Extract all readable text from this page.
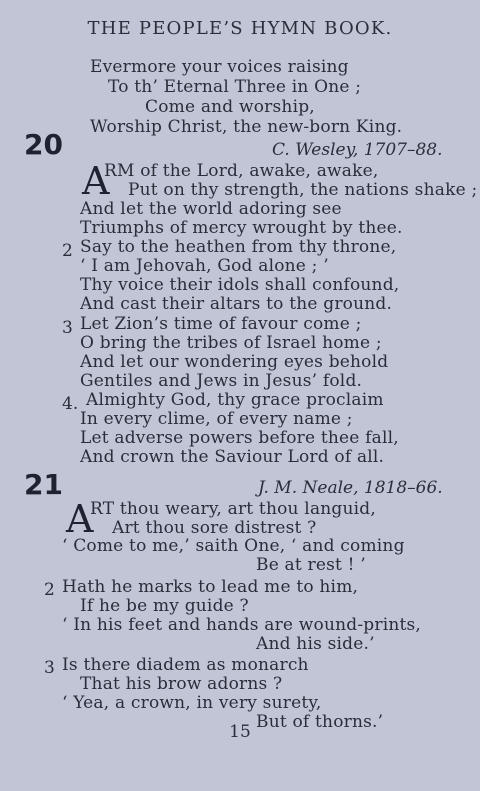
THE PEOPLE’S HYMN BOOK.
Evermore your voices raising
To th’ Eternal Three in One ;
Come and worship,
Worship Christ, the new-born King.
20	C. Wesley, 1707–88.
A
RM of the Lord, awake, awake,
Put on thy strength, the nations shake ;
And let the world adoring see
Triumphs of mercy wrought by thee.
2 Say to the heathen from thy throne,
‘ I am Jehovah, God alone ; ’
Thy voice their idols shall confound,
And cast their altars to the ground.
3 Let Zion’s time of favour come ;
O bring the tribes of Israel home ;
And let our wondering eyes behold
Gentiles and Jews in Jesus’ fold.
4. Almighty God, thy grace proclaim
In every clime, of every name ;
Let adverse powers before thee fall,
And crown the Saviour Lord of all.
21	J. M. Neale, 1818–66.
A
RT thou weary, art thou languid,
Art thou sore distrest ?
‘ Come to me,’ saith One, ‘ and coming
Be at rest ! ’
2 Hath he marks to lead me to him,
If he be my guide ?
‘ In his feet and hands are wound-prints,
And his side.’
3 Is there diadem as monarch
That his brow adorns ?
‘ Yea, a crown, in very surety,
But of thorns.’
15
